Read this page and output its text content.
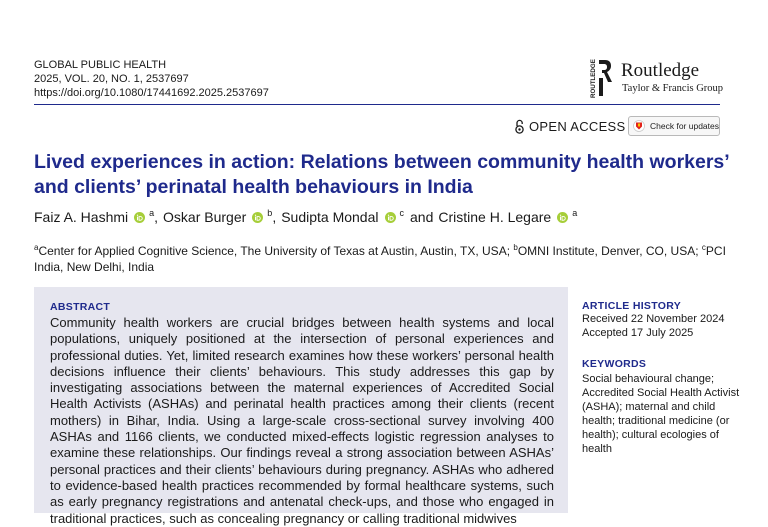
GLOBAL PUBLIC HEALTH
2025, VOL. 20, NO. 1, 2537697
https://doi.org/10.1080/17441692.2025.2537697	ROUTLEDGE Routledge
Taylor & Francis Group
OPEN ACCESS	Check for updates
Lived experiences in action: Relations between community health workers’ and clients’ perinatal health behaviours in India
Faiz A. Hashmi a , Oskar Burger b , Sudipta Mondal c and Cristine H. Legare a
$^a$Center for Applied Cognitive Science, The University of Texas at Austin, Austin, TX, USA; $^b$OMNI Institute, Denver, CO, USA; $^c$PCI India, New Delhi, India
ABSTRACT

Community health workers are crucial bridges between health systems and local populations, uniquely positioned at the intersection of personal experiences and professional duties. Yet, limited research examines how these workers’ personal health decisions influence their clients’ behaviours. This study addresses this gap by investigating associations between the maternal experiences of Accredited Social Health Activists (ASHAs) and perinatal health practices among their clients (recent mothers) in Bihar, India. Using a large-scale cross-sectional survey involving 400 ASHAs and 1166 clients, we conducted mixed-effects logistic regression analyses to examine these relationships. Our findings reveal a strong association between ASHAs’ personal practices and their clients’ behaviours during pregnancy. ASHAs who adhered to evidence-based health practices recommended by formal healthcare systems, such as early pregnancy registrations and antenatal check-ups, and those who engaged in traditional practices, such as concealing pregnancy or calling traditional midwives

ARTICLE HISTORY
Received 22 November 2024
Accepted 17 July 2025
KEYWORDS
Social behavioural change; Accredited Social Health Activist (ASHA); maternal and child health; traditional medicine (or health); cultural ecologies of health
